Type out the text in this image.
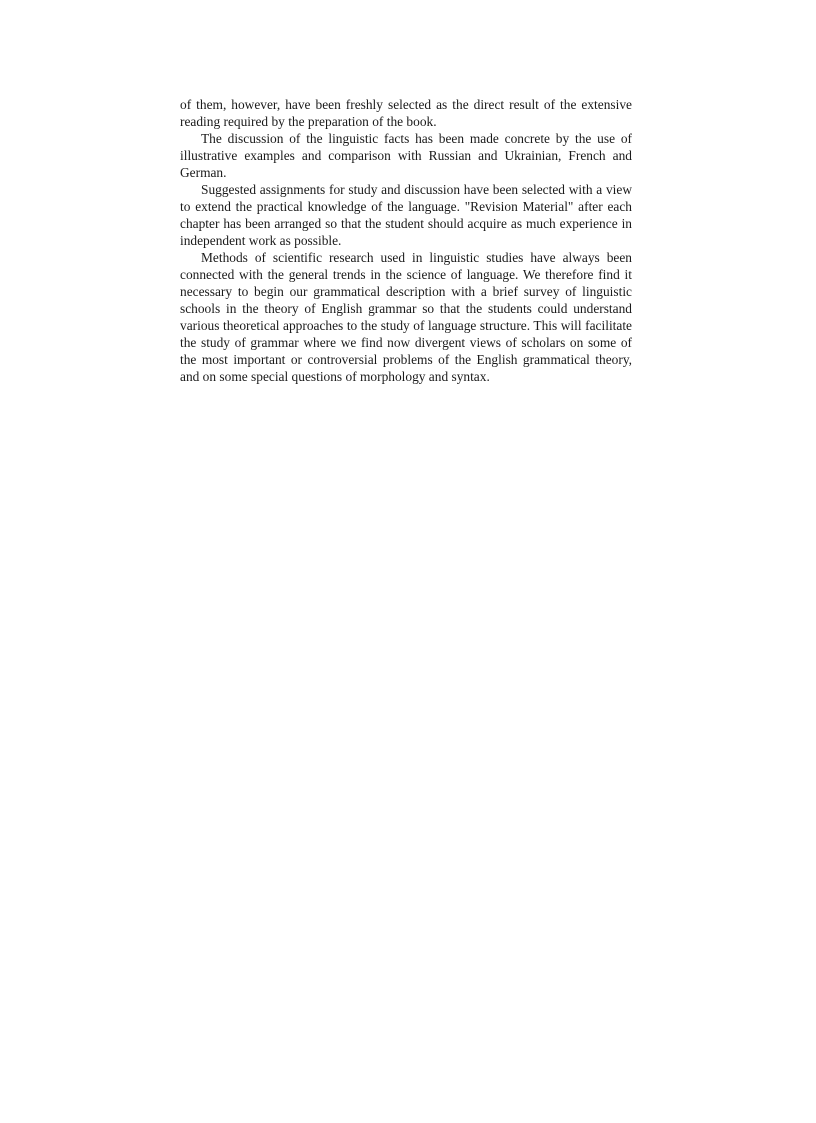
of them, however, have been freshly selected as the direct result of the extensive reading required by the preparation of the book.

The discussion of the linguistic facts has been made concrete by the use of illustrative examples and comparison with Russian and Ukrainian, French and German.

Suggested assignments for study and discussion have been selected with a view to extend the practical knowledge of the language. "Revision Material" after each chapter has been arranged so that the student should acquire as much experience in independent work as possible.

Methods of scientific research used in linguistic studies have always been connected with the general trends in the science of language. We therefore find it necessary to begin our grammatical description with a brief survey of linguistic schools in the theory of English grammar so that the students could understand various theoretical approaches to the study of language structure. This will facilitate the study of grammar where we find now divergent views of scholars on some of the most important or controversial problems of the English grammatical theory, and on some special questions of morphology and syntax.
